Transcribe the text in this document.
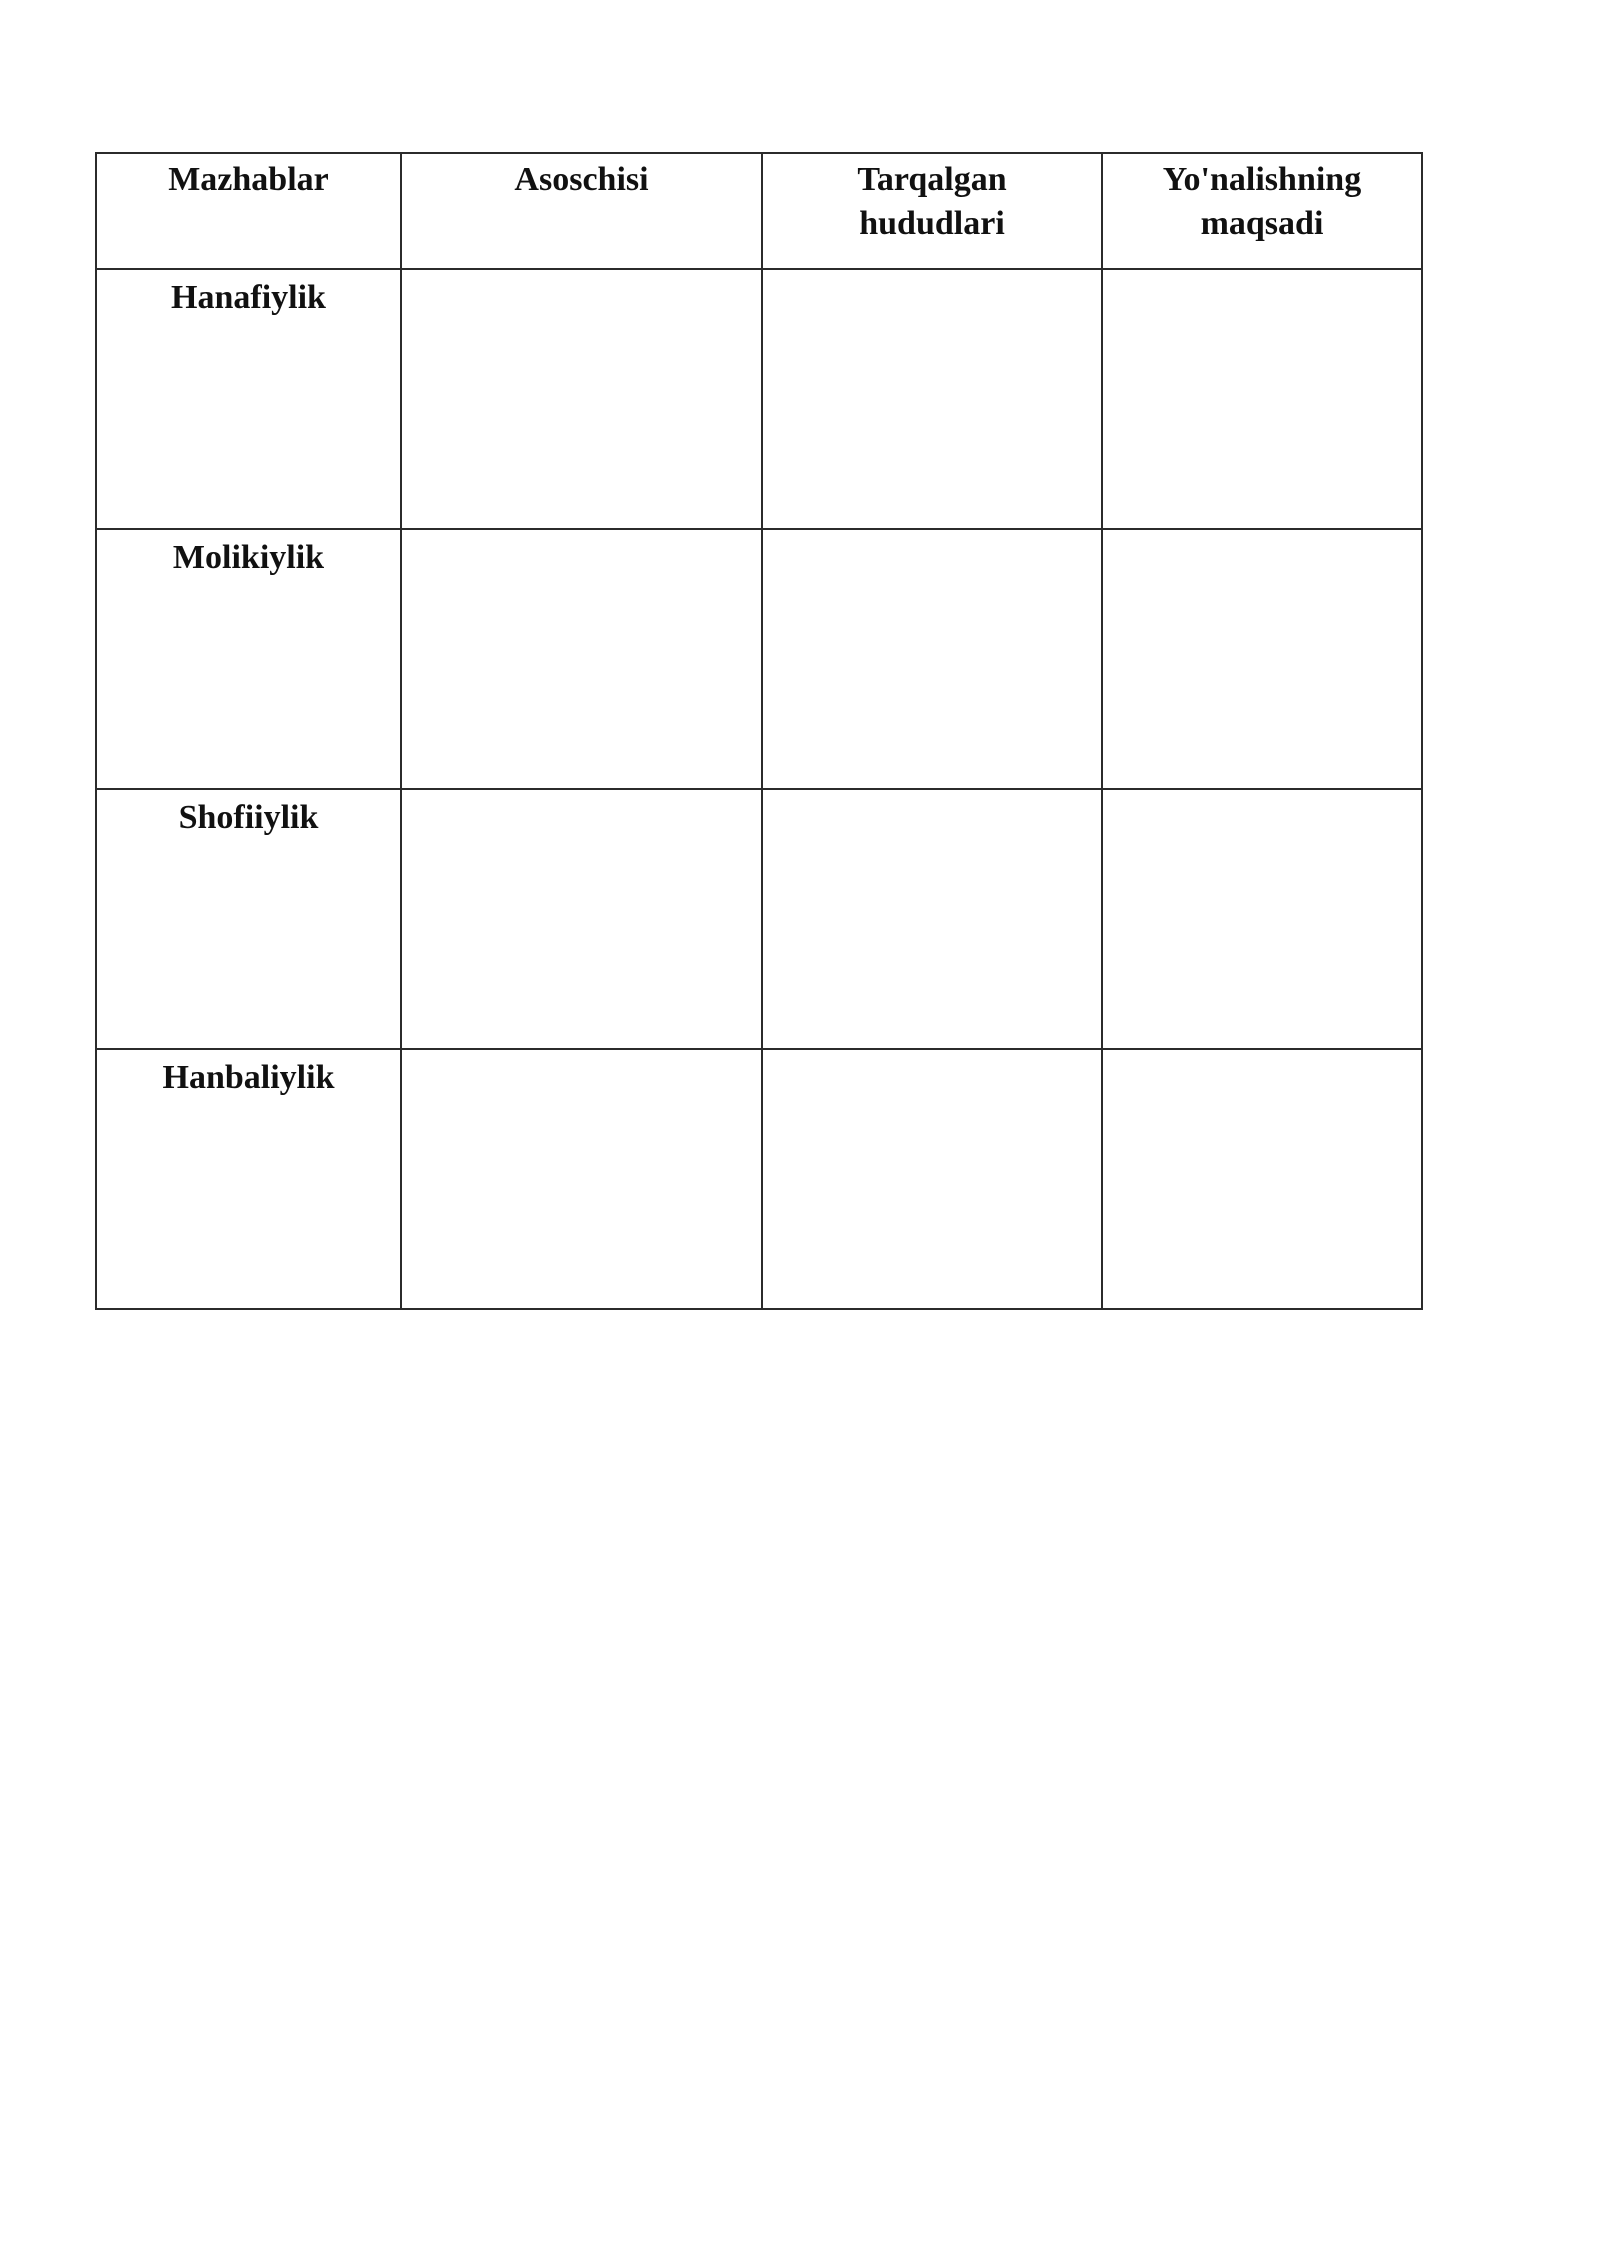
Mazhablar	Asoschisi	Tarqalgan hududlari	Yo'nalishning maqsadi

Hanafiylik			
Molikiylik			
Shofiiylik			
Hanbaliylik			
